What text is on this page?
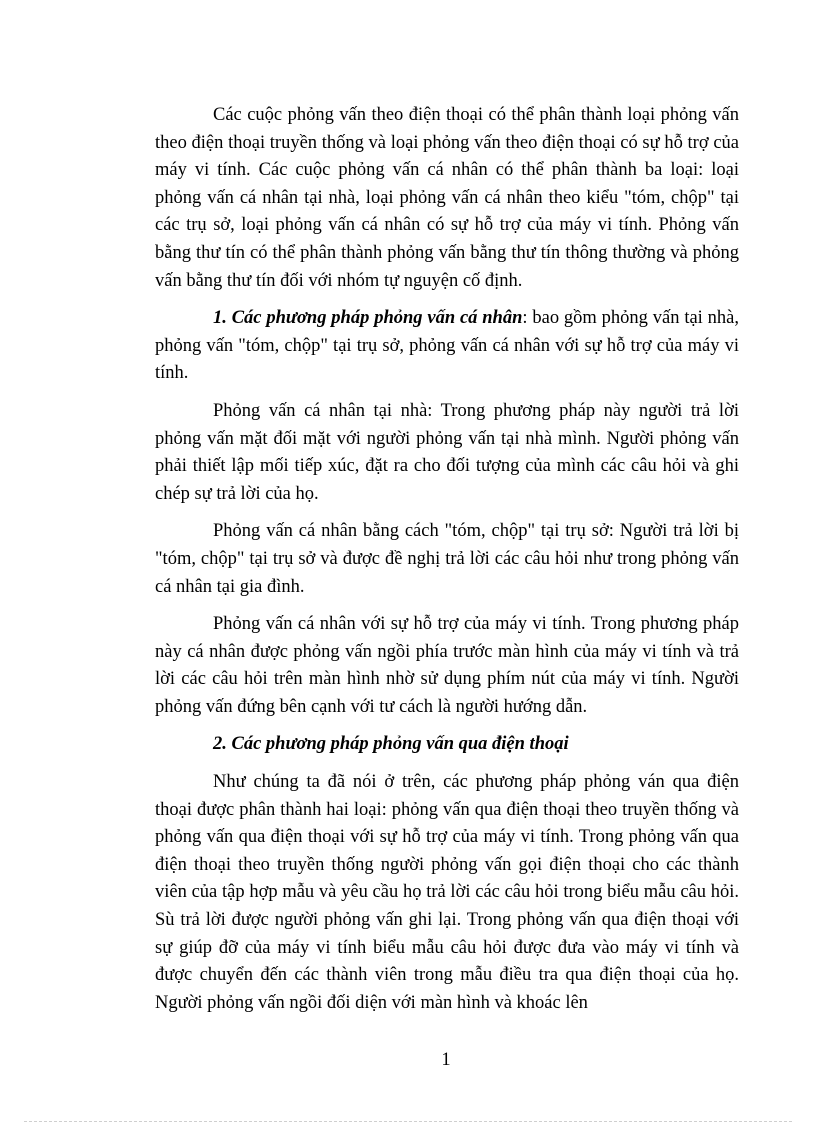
Các cuộc phỏng vấn theo điện thoại có thể phân thành loại phỏng vấn theo điện thoại truyền thống và loại phỏng vấn theo điện thoại có sự hỗ trợ của máy vi tính. Các cuộc phỏng vấn cá nhân có thể phân thành ba loại: loại phỏng vấn cá nhân tại nhà, loại phỏng vấn cá nhân theo kiểu "tóm, chộp" tại các trụ sở, loại phỏng vấn cá nhân có sự hỗ trợ của máy vi tính. Phỏng vấn bằng thư tín có thể phân thành phỏng vấn bằng thư tín thông thường và phỏng vấn bằng thư tín đối với nhóm tự nguyện cố định.

1. Các phương pháp phỏng vấn cá nhân: bao gồm phỏng vấn tại nhà, phỏng vấn "tóm, chộp" tại trụ sở, phỏng vấn cá nhân với sự hỗ trợ của máy vi tính.

Phỏng vấn cá nhân tại nhà: Trong phương pháp này người trả lời phỏng vấn mặt đối mặt với người phỏng vấn tại nhà mình. Người phỏng vấn phải thiết lập mối tiếp xúc, đặt ra cho đối tượng của mình các câu hỏi và ghi chép sự trả lời của họ.

Phỏng vấn cá nhân bằng cách "tóm, chộp" tại trụ sở: Người trả lời bị "tóm, chộp" tại trụ sở và được đề nghị trả lời các câu hỏi như trong phỏng vấn cá nhân tại gia đình.

Phỏng vấn cá nhân với sự hỗ trợ của máy vi tính. Trong phương pháp này cá nhân được phỏng vấn ngồi phía trước màn hình của máy vi tính và trả lời các câu hỏi trên màn hình nhờ sử dụng phím nút của máy vi tính. Người phỏng vấn đứng bên cạnh với tư cách là người hướng dẫn.

2. Các phương pháp phỏng vấn qua điện thoại

Như chúng ta đã nói ở trên, các phương pháp phỏng ván qua điện thoại được phân thành hai loại: phỏng vấn qua điện thoại theo truyền thống và phỏng vấn qua điện thoại với sự hỗ trợ của máy vi tính. Trong phỏng vấn qua điện thoại theo truyền thống người phỏng vấn gọi điện thoại cho các thành viên của tập hợp mẫu và yêu cầu họ trả lời các câu hỏi trong biểu mẫu câu hỏi. Sù trả lời được người phỏng vấn ghi lại. Trong phỏng vấn qua điện thoại với sự giúp đỡ của máy vi tính biểu mẫu câu hỏi được đưa vào máy vi tính và được chuyển đến các thành viên trong mẫu điều tra qua điện thoại của họ. Người phỏng vấn ngồi đối diện với màn hình và khoác lên

1
